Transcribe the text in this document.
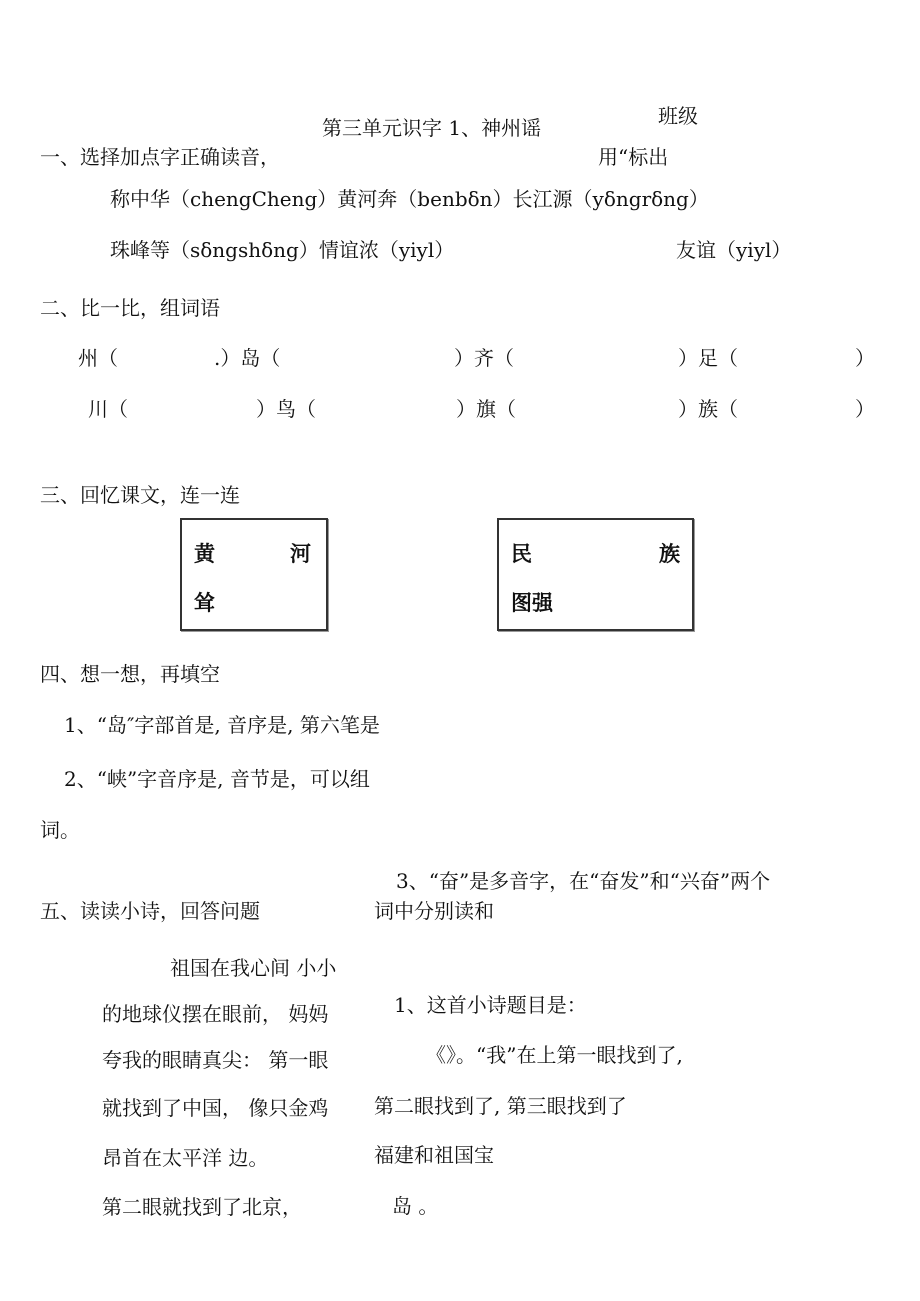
第三单元识字 1、神州谣	班级
一、选择加点字正确读音，	用“标出
称中华（chengCheng）黄河奔（benbδn）长江源（yδngrδng）
珠峰等（sδngshδng）情谊浓（yiyl）	友谊（yiyl）
二、比一比，组词语
州（	.）岛（	）齐（	）足（	）
川（	）鸟（	）旗（	）族（	）
三、回忆课文，连一连
黄	河
耸
民	族
图强
四、想一想，再填空
1、“岛″字部首是, 音序是, 第六笔是
2、“峡”字音序是, 音节是，可以组
词。
3、“奋”是多音字，在“奋发”和“兴奋”两个
词中分别读和
五、读读小诗，回答问题
祖国在我心间 小小
的地球仪摆在眼前， 妈妈
夸我的眼睛真尖： 第一眼
就找到了中国， 像只金鸡
昂首在太平洋 边。
第二眼就找到了北京，
1、这首小诗题目是：
《》。“我”在上第一眼找到了,
第二眼找到了, 第三眼找到了
福建和祖国宝
岛 。
